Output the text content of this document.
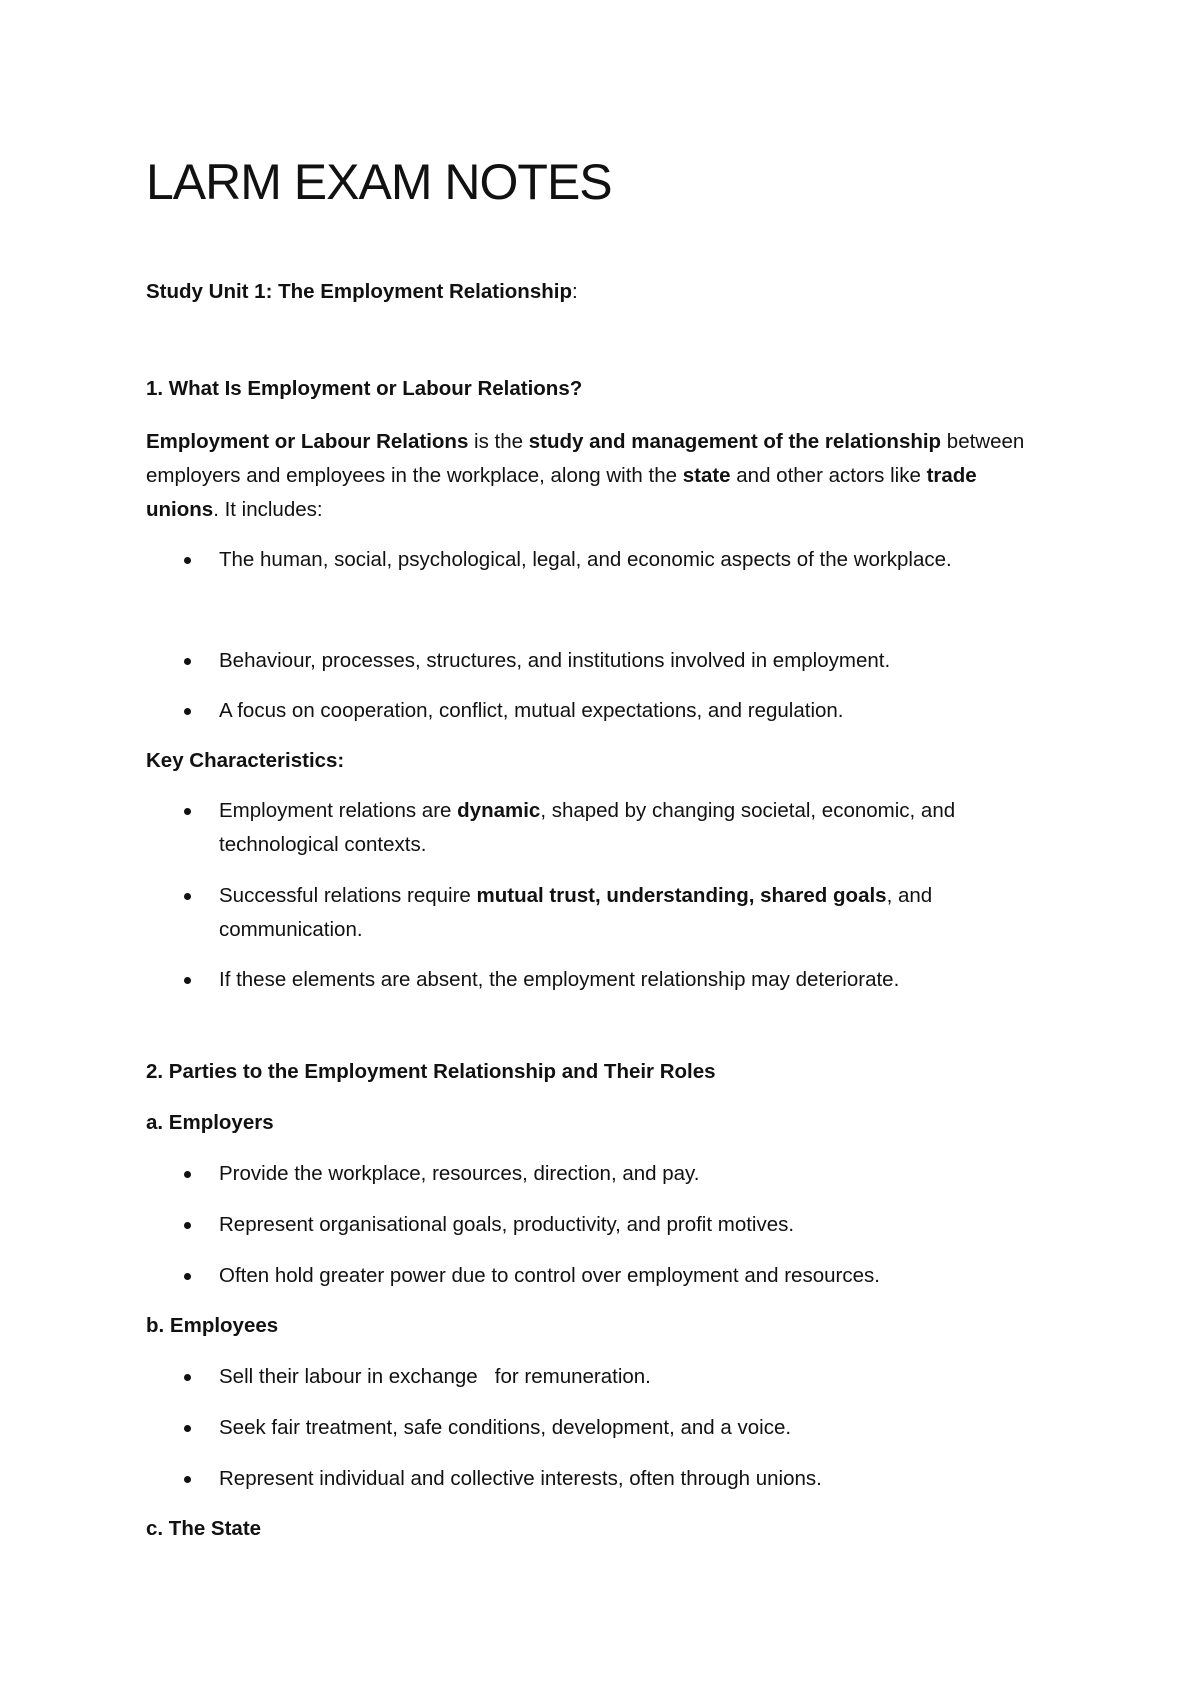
LARM EXAM NOTES

Study Unit 1: The Employment Relationship:

1. What Is Employment or Labour Relations?

Employment or Labour Relations is the study and management of the relationship between employers and employees in the workplace, along with the state and other actors like trade unions. It includes:

The human, social, psychological, legal, and economic aspects of the workplace.
Behaviour, processes, structures, and institutions involved in employment.
A focus on cooperation, conflict, mutual expectations, and regulation.

Key Characteristics:

Employment relations are dynamic, shaped by changing societal, economic, and technological contexts.
Successful relations require mutual trust, understanding, shared goals, and communication.
If these elements are absent, the employment relationship may deteriorate.

2. Parties to the Employment Relationship and Their Roles

a. Employers

Provide the workplace, resources, direction, and pay.
Represent organisational goals, productivity, and profit motives.
Often hold greater power due to control over employment and resources.

b. Employees

Sell their labour in exchange   for remuneration.
Seek fair treatment, safe conditions, development, and a voice.
Represent individual and collective interests, often through unions.

c. The State
